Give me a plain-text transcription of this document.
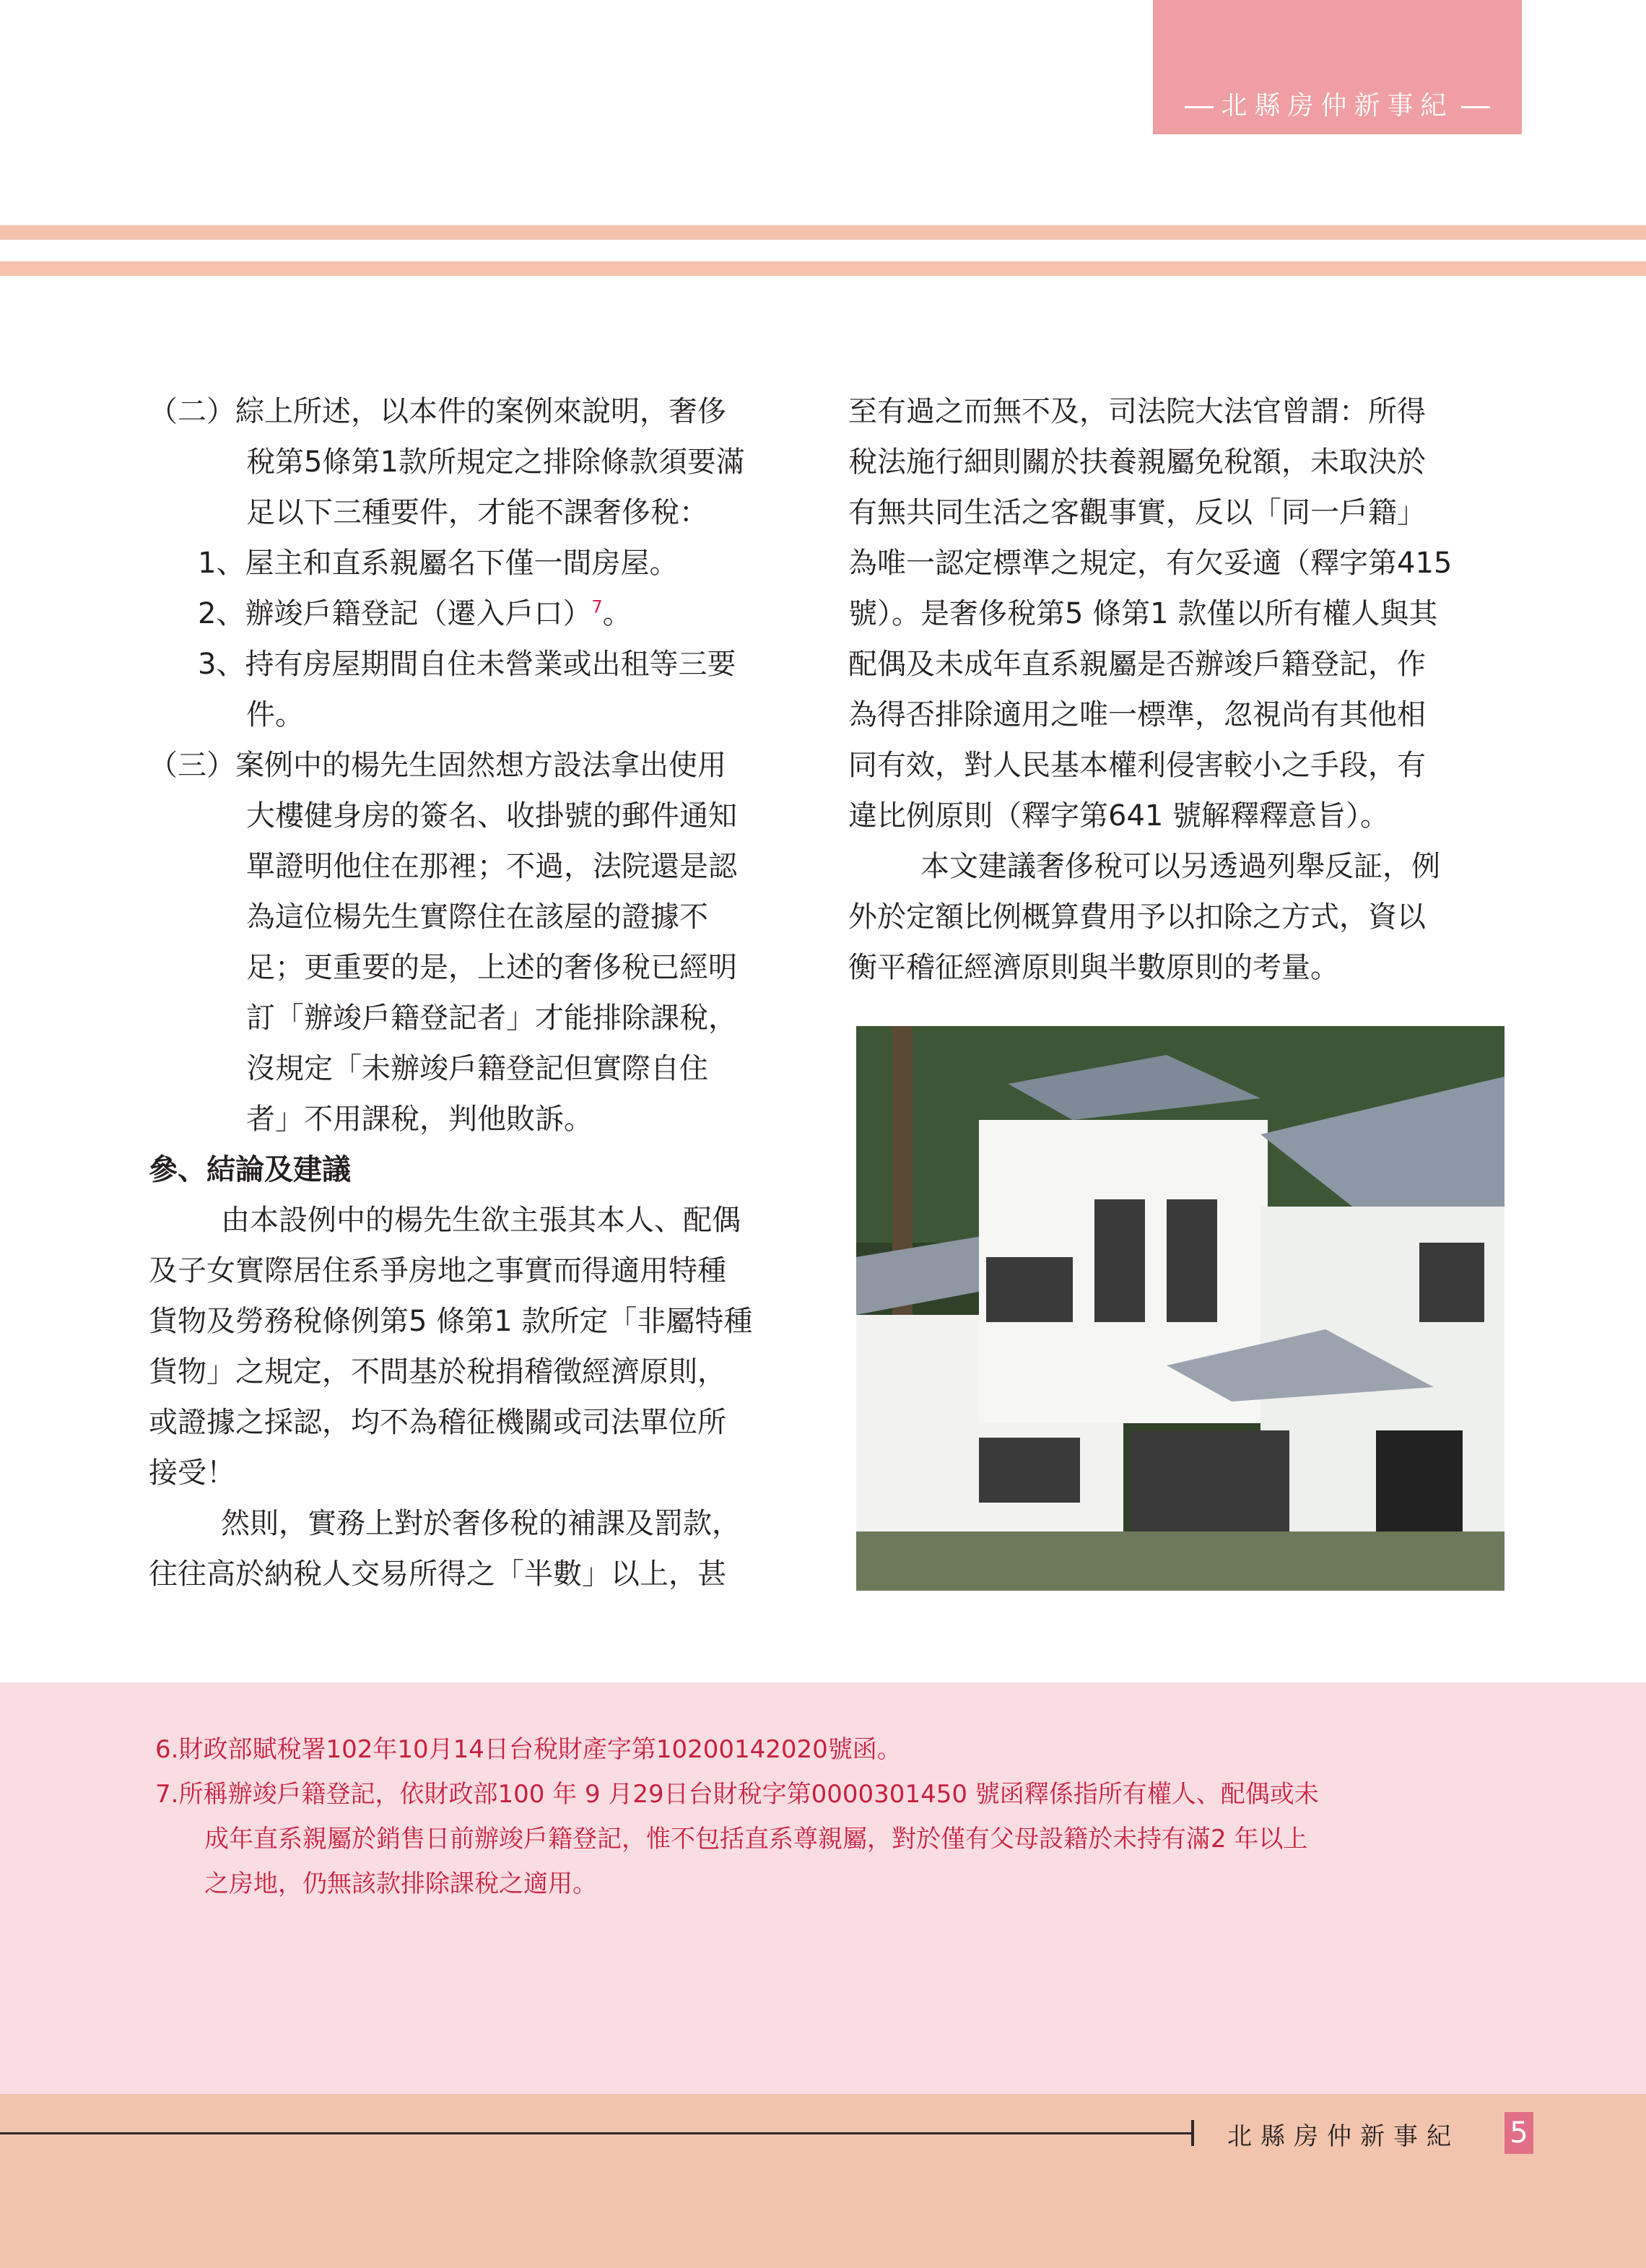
北縣房仲新事紀

（二）綜上所述，以本件的案例來說明，奢侈

稅第5條第1款所規定之排除條款須要滿

足以下三種要件，才能不課奢侈稅：

1、屋主和直系親屬名下僅一間房屋。

2、辦竣戶籍登記（遷入戶口）$^7$。

3、持有房屋期間自住未營業或出租等三要

件。

（三）案例中的楊先生固然想方設法拿出使用

大樓健身房的簽名、收掛號的郵件通知

單證明他住在那裡；不過，法院還是認

為這位楊先生實際住在該屋的證據不

足；更重要的是，上述的奢侈稅已經明

訂「辦竣戶籍登記者」才能排除課稅，

沒規定「未辦竣戶籍登記但實際自住

者」不用課稅，判他敗訴。

參、結論及建議

由本設例中的楊先生欲主張其本人、配偶

及子女實際居住系爭房地之事實而得適用特種

貨物及勞務稅條例第5 條第1 款所定「非屬特種

貨物」之規定，不問基於稅捐稽徵經濟原則，

或證據之採認，均不為稽征機關或司法單位所

接受！

然則，實務上對於奢侈稅的補課及罰款，

往往高於納稅人交易所得之「半數」以上，甚

至有過之而無不及，司法院大法官曾謂：所得

稅法施行細則關於扶養親屬免稅額，未取決於

有無共同生活之客觀事實，反以「同一戶籍」

為唯一認定標準之規定，有欠妥適（釋字第415

號）。是奢侈稅第5 條第1 款僅以所有權人與其

配偶及未成年直系親屬是否辦竣戶籍登記，作

為得否排除適用之唯一標準，忽視尚有其他相

同有效，對人民基本權利侵害較小之手段，有

違比例原則（釋字第641 號解釋釋意旨）。

本文建議奢侈稅可以另透過列舉反証，例

外於定額比例概算費用予以扣除之方式，資以

衡平稽征經濟原則與半數原則的考量。

6.財政部賦稅署102年10月14日台稅財產字第10200142020號函。

7.所稱辦竣戶籍登記，依財政部100 年 9 月29日台財稅字第0000301450 號函釋係指所有權人、配偶或未

成年直系親屬於銷售日前辦竣戶籍登記，惟不包括直系尊親屬，對於僅有父母設籍於未持有滿2 年以上

之房地，仍無該款排除課稅之適用。

北縣房仲新事紀 5
